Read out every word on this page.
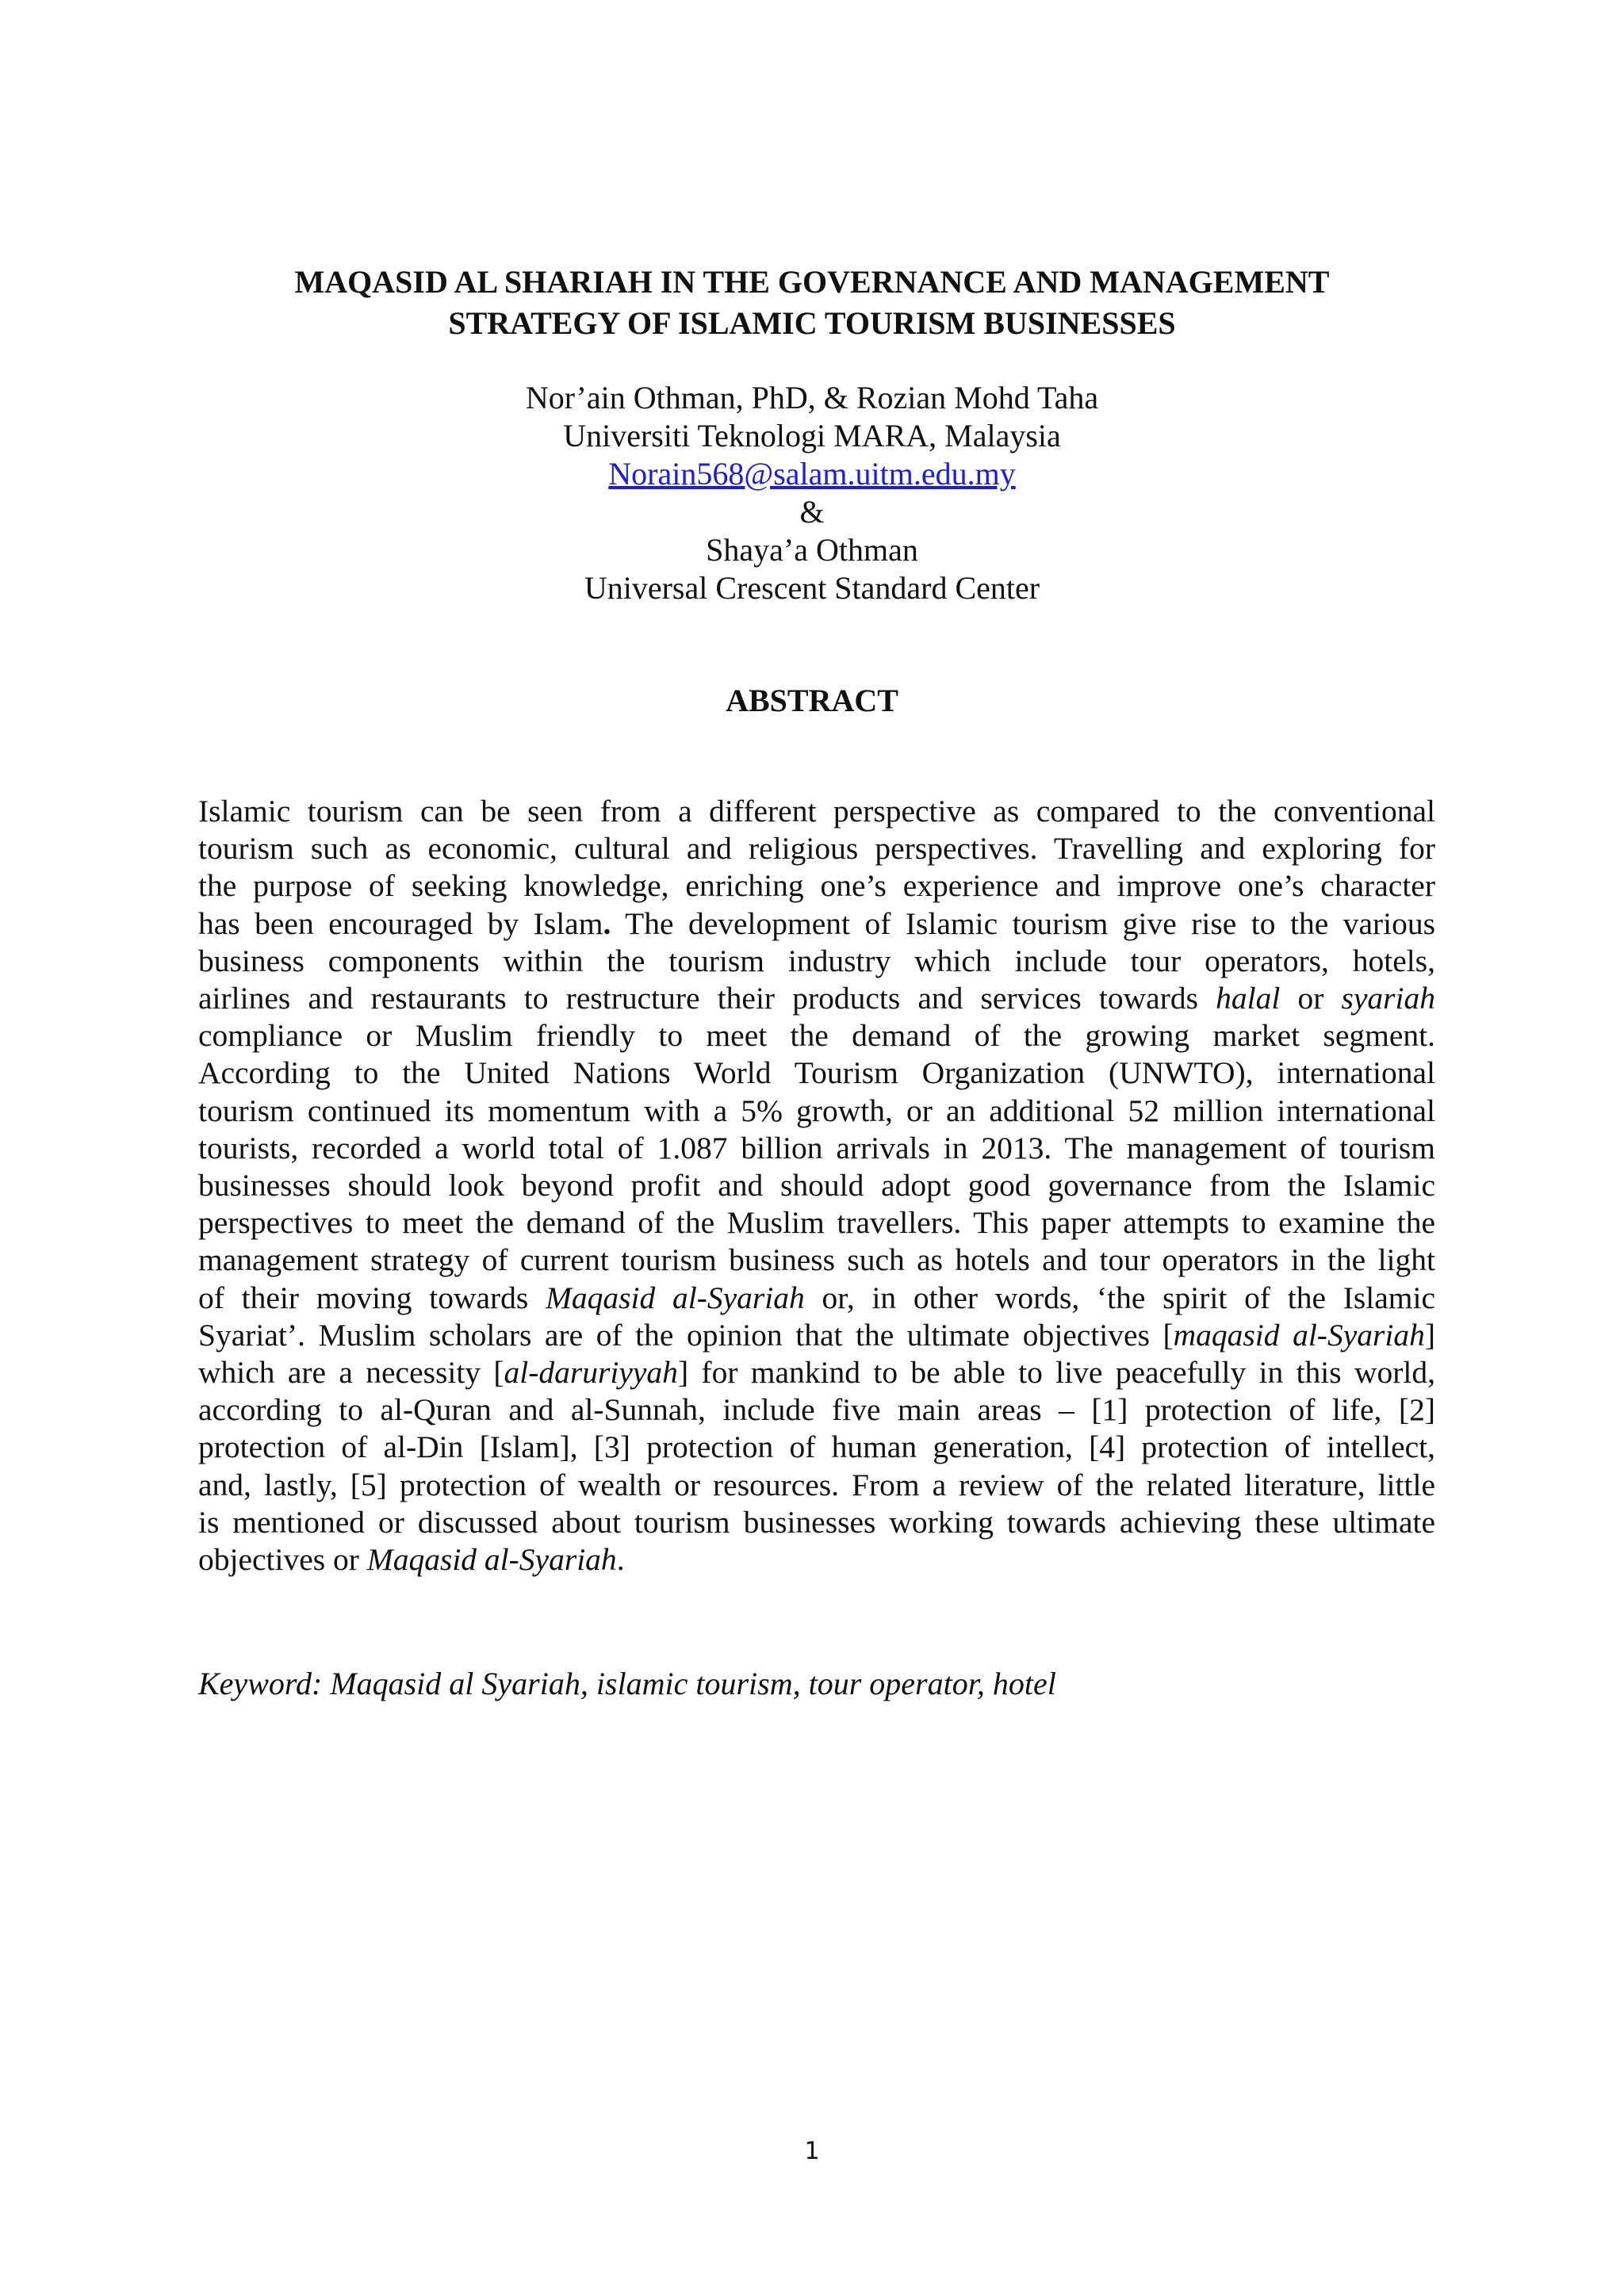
MAQASID AL SHARIAH IN THE GOVERNANCE AND MANAGEMENT
STRATEGY OF ISLAMIC TOURISM BUSINESSES
Nor’ain Othman, PhD, & Rozian Mohd Taha
Universiti Teknologi MARA, Malaysia
Norain568@salam.uitm.edu.my
&
Shaya’a Othman
Universal Crescent Standard Center
ABSTRACT
Islamic tourism can be seen from a different perspective as compared to the conventional
tourism such as economic, cultural and religious perspectives. Travelling and exploring for
the purpose of seeking knowledge, enriching one’s experience and improve one’s character
has been encouraged by Islam. The development of Islamic tourism give rise to the various
business components within the tourism industry which include tour operators, hotels,
airlines and restaurants to restructure their products and services towards halal or syariah
compliance or Muslim friendly to meet the demand of the growing market segment.
According to the United Nations World Tourism Organization (UNWTO), international
tourism continued its momentum with a 5% growth, or an additional 52 million international
tourists, recorded a world total of 1.087 billion arrivals in 2013. The management of tourism
businesses should look beyond profit and should adopt good governance from the Islamic
perspectives to meet the demand of the Muslim travellers. This paper attempts to examine the
management strategy of current tourism business such as hotels and tour operators in the light
of their moving towards Maqasid al-Syariah or, in other words, ‘the spirit of the Islamic
Syariat’. Muslim scholars are of the opinion that the ultimate objectives [maqasid al-Syariah]
which are a necessity [al-daruriyyah] for mankind to be able to live peacefully in this world,
according to al-Quran and al-Sunnah, include five main areas – [1] protection of life, [2]
protection of al-Din [Islam], [3] protection of human generation, [4] protection of intellect,
and, lastly, [5] protection of wealth or resources. From a review of the related literature, little
is mentioned or discussed about tourism businesses working towards achieving these ultimate
objectives or Maqasid al-Syariah.

Keyword: Maqasid al Syariah, islamic tourism, tour operator, hotel

1
